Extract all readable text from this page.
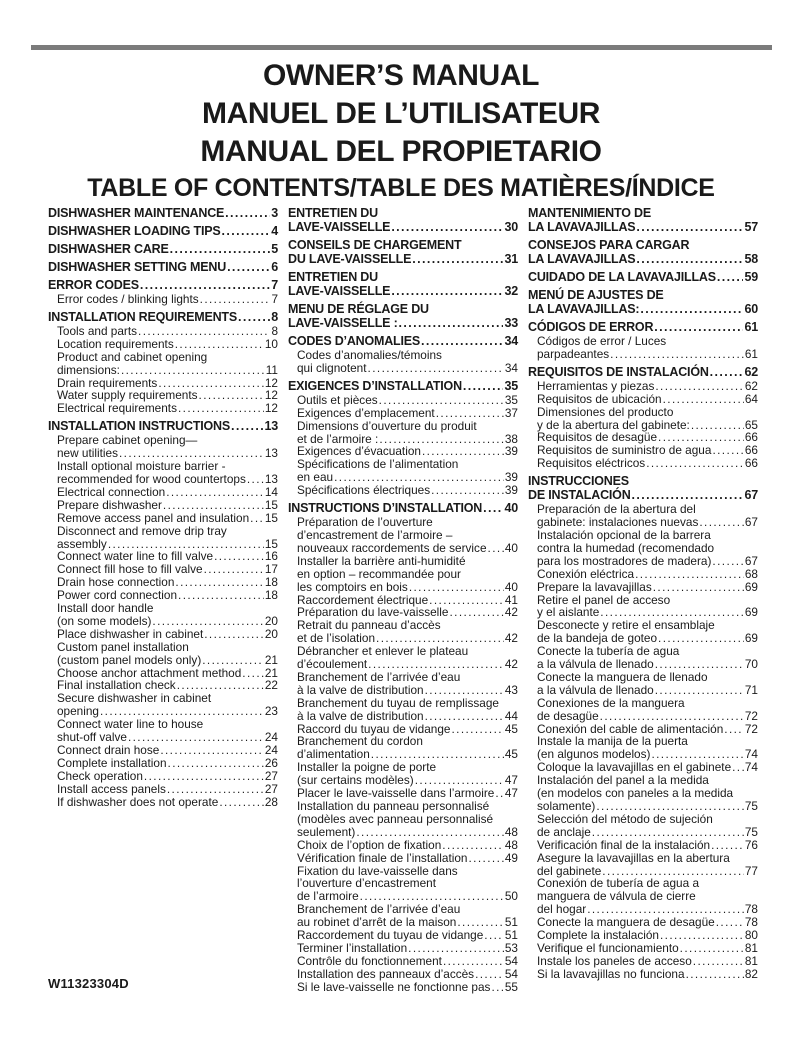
OWNER’S MANUAL
MANUEL DE L’UTILISATEUR
MANUAL DEL PROPIETARIO
TABLE OF CONTENTS/TABLE DES MATIÈRES/ÍNDICE
DISHWASHER MAINTENANCE .....	3
DISHWASHER LOADING TIPS .....	4
DISHWASHER CARE .....	5
DISHWASHER SETTING MENU .....	6
ERROR CODES .....	7
Error codes / blinking lights .....	7
INSTALLATION REQUIREMENTS .....	8
Tools and parts .....	8
Location requirements .....	10
Product and cabinet opening
dimensions: .....	11
Drain requirements .....	12
Water supply requirements .....	12
Electrical requirements .....	12
INSTALLATION INSTRUCTIONS .....	13
Prepare cabinet opening—
new utilities .....	13
Install optional moisture barrier -
recommended for wood countertops ..... 13
Electrical connection .....	14
Prepare dishwasher .....	15
Remove access panel and insulation ..... 15
Disconnect and remove drip tray
assembly .....	15
Connect water line to fill valve .....	16
Connect fill hose to fill valve .....	17
Drain hose connection .....	18
Power cord connection .....	18
Install door handle
(on some models) .....	20
Place dishwasher in cabinet .....	20
Custom panel installation
(custom panel models only) .....	21
Choose anchor attachment method ..... 21
Final installation check .....	22
Secure dishwasher in cabinet
opening .....	23
Connect water line to house
shut-off valve .....	24
Connect drain hose .....	24
Complete installation .....	26
Check operation .....	27
Install access panels .....	27
If dishwasher does not operate .....	28
ENTRETIEN DU
LAVE-VAISSELLE .....	30
CONSEILS DE CHARGEMENT
DU LAVE-VAISSELLE .....	31
ENTRETIEN DU
LAVE-VAISSELLE .....	32
MENU DE RÉGLAGE DU
LAVE-VAISSELLE : .....	33
CODES D’ANOMALIES .....	34
Codes d’anomalies/témoins
qui clignotent .....	34
EXIGENCES D’INSTALLATION .....	35
Outils et pièces .....	35
Exigences d’emplacement .....	37
Dimensions d’ouverture du produit
et de l’armoire : .....	38
Exigences d’évacuation .....	39
Spécifications de l’alimentation
en eau .....	39
Spécifications électriques .....	39
INSTRUCTIONS D’INSTALLATION ..... 40
Préparation de l’ouverture
d’encastrement de l’armoire –
nouveaux raccordements de service ..... 40
Installer la barrière anti-humidité
en option – recommandée pour
les comptoirs en bois .....	40
Raccordement électrique .....	41
Préparation du lave-vaisselle .....	42
Retrait du panneau d’accès
et de l’isolation .....	42
Débrancher et enlever le plateau
d’écoulement .....	42
Branchement de l’arrivée d’eau
à la valve de distribution .....	43
Branchement du tuyau de remplissage
à la valve de distribution .....	44
Raccord du tuyau de vidange .....	45
Branchement du cordon
d’alimentation .....	45
Installer la poigne de porte
(sur certains modèles) .....	47
Placer le lave-vaisselle dans l’armoire ..... 47
Installation du panneau personnalisé
(modèles avec panneau personnalisé
seulement) .....	48
Choix de l’option de fixation .....	48
Vérification finale de l’installation .....	49
Fixation du lave-vaisselle dans
l’ouverture d’encastrement
de l’armoire .....	50
Branchement de l’arrivée d’eau
au robinet d’arrêt de la maison .....	51
Raccordement du tuyau de vidange ..... 51
Terminer l’installation .....	53
Contrôle du fonctionnement .....	54
Installation des panneaux d’accès .....	54
Si le lave-vaisselle ne fonctionne pas ..... 55
MANTENIMIENTO DE
LA LAVAVAJILLAS .....	57
CONSEJOS PARA CARGAR
LA LAVAVAJILLAS .....	58
CUIDADO DE LA LAVAVAJILLAS ..... 59
MENÚ DE AJUSTES DE
LA LAVAVAJILLAS: .....	60
CÓDIGOS DE ERROR .....	61
Códigos de error / Luces
parpadeantes .....	61
REQUISITOS DE INSTALACIÓN .....	62
Herramientas y piezas .....	62
Requisitos de ubicación .....	64
Dimensiones del producto
y de la abertura del gabinete: .....	65
Requisitos de desagüe .....	66
Requisitos de suministro de agua .....	66
Requisitos eléctricos .....	66
INSTRUCCIONES
DE INSTALACIÓN .....	67
Preparación de la abertura del
gabinete: instalaciones nuevas .....	67
Instalación opcional de la barrera
contra la humedad (recomendado
para los mostradores de madera) .....	67
Conexión eléctrica .....	68
Prepare la lavavajillas .....	69
Retire el panel de acceso
y el aislante .....	69
Desconecte y retire el ensamblaje
de la bandeja de goteo .....	69
Conecte la tubería de agua
a la válvula de llenado .....	70
Conecte la manguera de llenado
a la válvula de llenado .....	71
Conexiones de la manguera
de desagüe .....	72
Conexión del cable de alimentación ..... 72
Instale la manija de la puerta
(en algunos modelos) .....	74
Coloque la lavavajillas en el gabinete ..... 74
Instalación del panel a la medida
(en modelos con paneles a la medida
solamente) .....	75
Selección del método de sujeción
de anclaje .....	75
Verificación final de la instalación .....	76
Asegure la lavavajillas en la abertura
del gabinete .....	77
Conexión de tubería de agua a
manguera de válvula de cierre
del hogar .....	78
Conecte la manguera de desagüe .....	78
Complete la instalación .....	80
Verifique el funcionamiento .....	81
Instale los paneles de acceso .....	81
Si la lavavajillas no funciona .....	82
W11323304D
